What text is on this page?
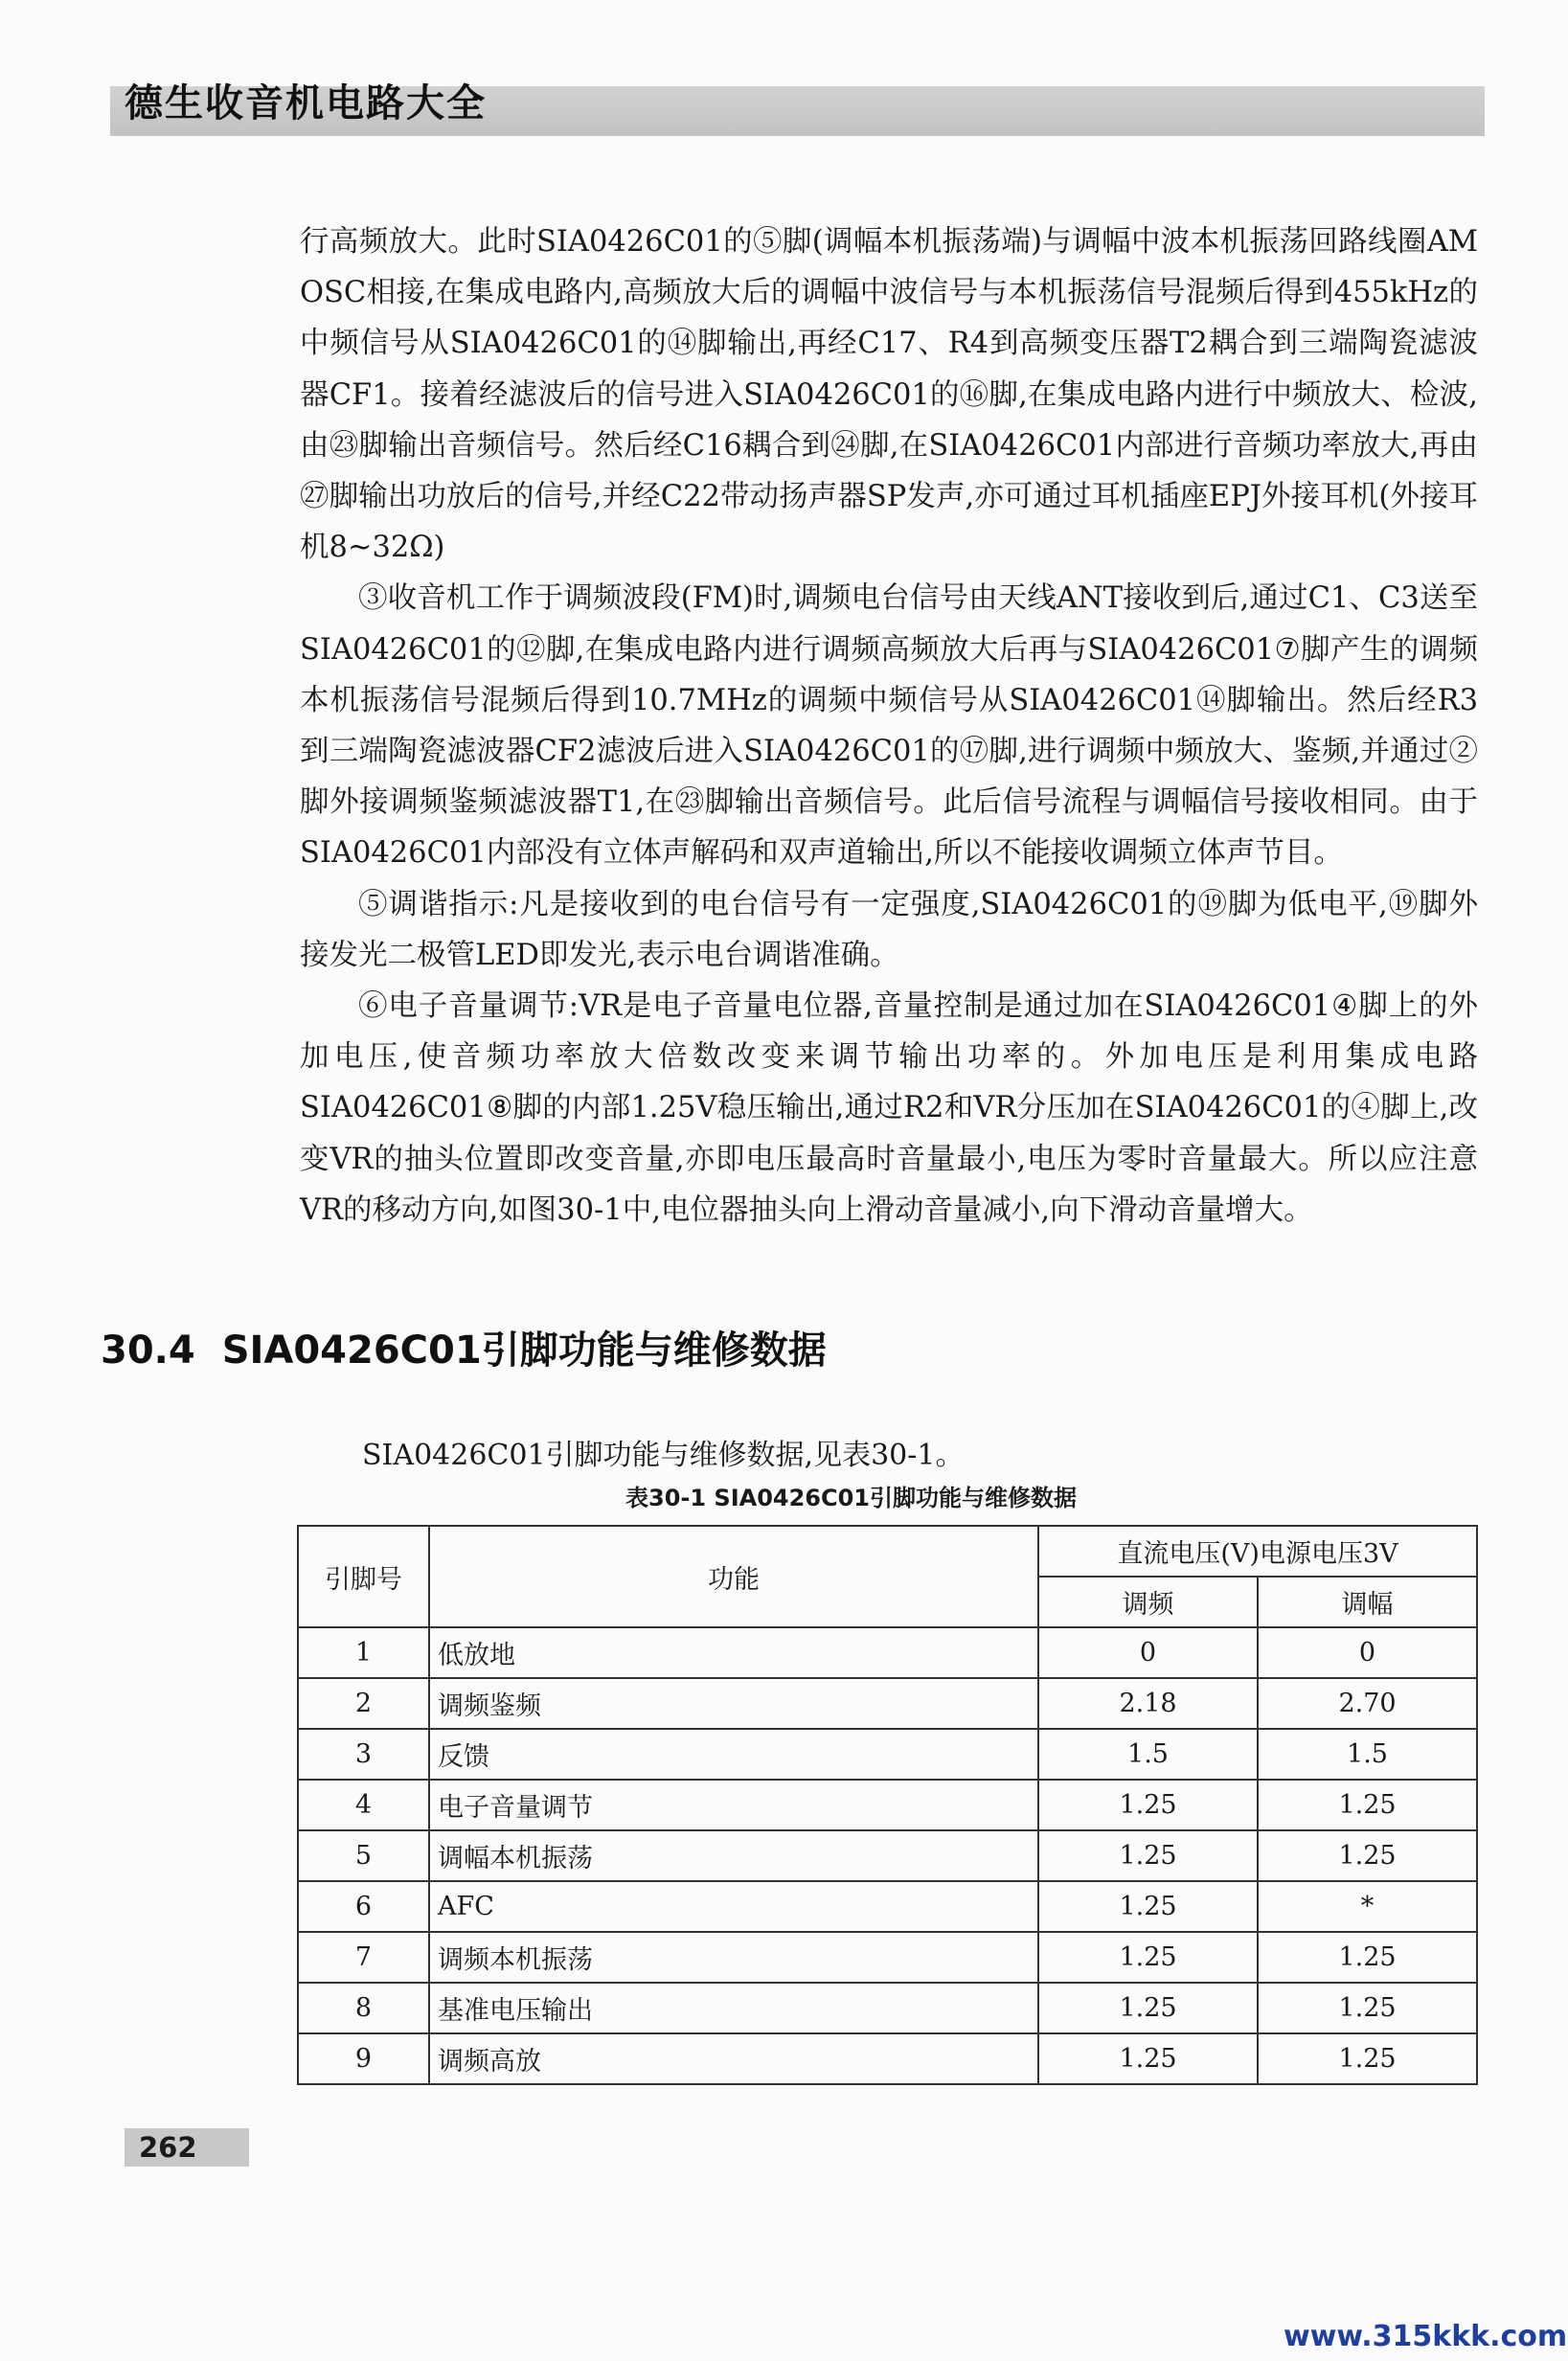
德生收音机电路大全

行高频放大。此时SIA0426C01的⑤脚(调幅本机振荡端)与调幅中波本机振荡回路线圈AM OSC相接,在集成电路内,高频放大后的调幅中波信号与本机振荡信号混频后得到455kHz的中频信号从SIA0426C01的⑭脚输出,再经C17、R4到高频变压器T2耦合到三端陶瓷滤波器CF1。接着经滤波后的信号进入SIA0426C01的⑯脚,在集成电路内进行中频放大、检波,由㉓脚输出音频信号。然后经C16耦合到㉔脚,在SIA0426C01内部进行音频功率放大,再由㉗脚输出功放后的信号,并经C22带动扬声器SP发声,亦可通过耳机插座EPJ外接耳机(外接耳机8~32Ω)

③收音机工作于调频波段(FM)时,调频电台信号由天线ANT接收到后,通过C1、C3送至SIA0426C01的⑫脚,在集成电路内进行调频高频放大后再与SIA0426C01⑦脚产生的调频本机振荡信号混频后得到10.7MHz的调频中频信号从SIA0426C01⑭脚输出。然后经R3到三端陶瓷滤波器CF2滤波后进入SIA0426C01的⑰脚,进行调频中频放大、鉴频,并通过②脚外接调频鉴频滤波器T1,在㉓脚输出音频信号。此后信号流程与调幅信号接收相同。由于SIA0426C01内部没有立体声解码和双声道输出,所以不能接收调频立体声节目。

⑤调谐指示:凡是接收到的电台信号有一定强度,SIA0426C01的⑲脚为低电平,⑲脚外接发光二极管LED即发光,表示电台调谐准确。

⑥电子音量调节:VR是电子音量电位器,音量控制是通过加在SIA0426C01④脚上的外加电压,使音频功率放大倍数改变来调节输出功率的。外加电压是利用集成电路SIA0426C01⑧脚的内部1.25V稳压输出,通过R2和VR分压加在SIA0426C01的④脚上,改变VR的抽头位置即改变音量,亦即电压最高时音量最小,电压为零时音量最大。所以应注意VR的移动方向,如图30-1中,电位器抽头向上滑动音量减小,向下滑动音量增大。

30.4 SIA0426C01引脚功能与维修数据
SIA0426C01引脚功能与维修数据,见表30-1。
表30-1 SIA0426C01引脚功能与维修数据
引脚号	功能	直流电压(V)电源电压3V	
		调频	调幅
1	低放地	0	0
2	调频鉴频	2.18	2.70
3	反馈	1.5	1.5
4	电子音量调节	1.25	1.25
5	调幅本机振荡	1.25	1.25
6	AFC	1.25	*
7	调频本机振荡	1.25	1.25
8	基准电压输出	1.25	1.25
9	调频高放	1.25	1.25
262
www.315kkk.com
